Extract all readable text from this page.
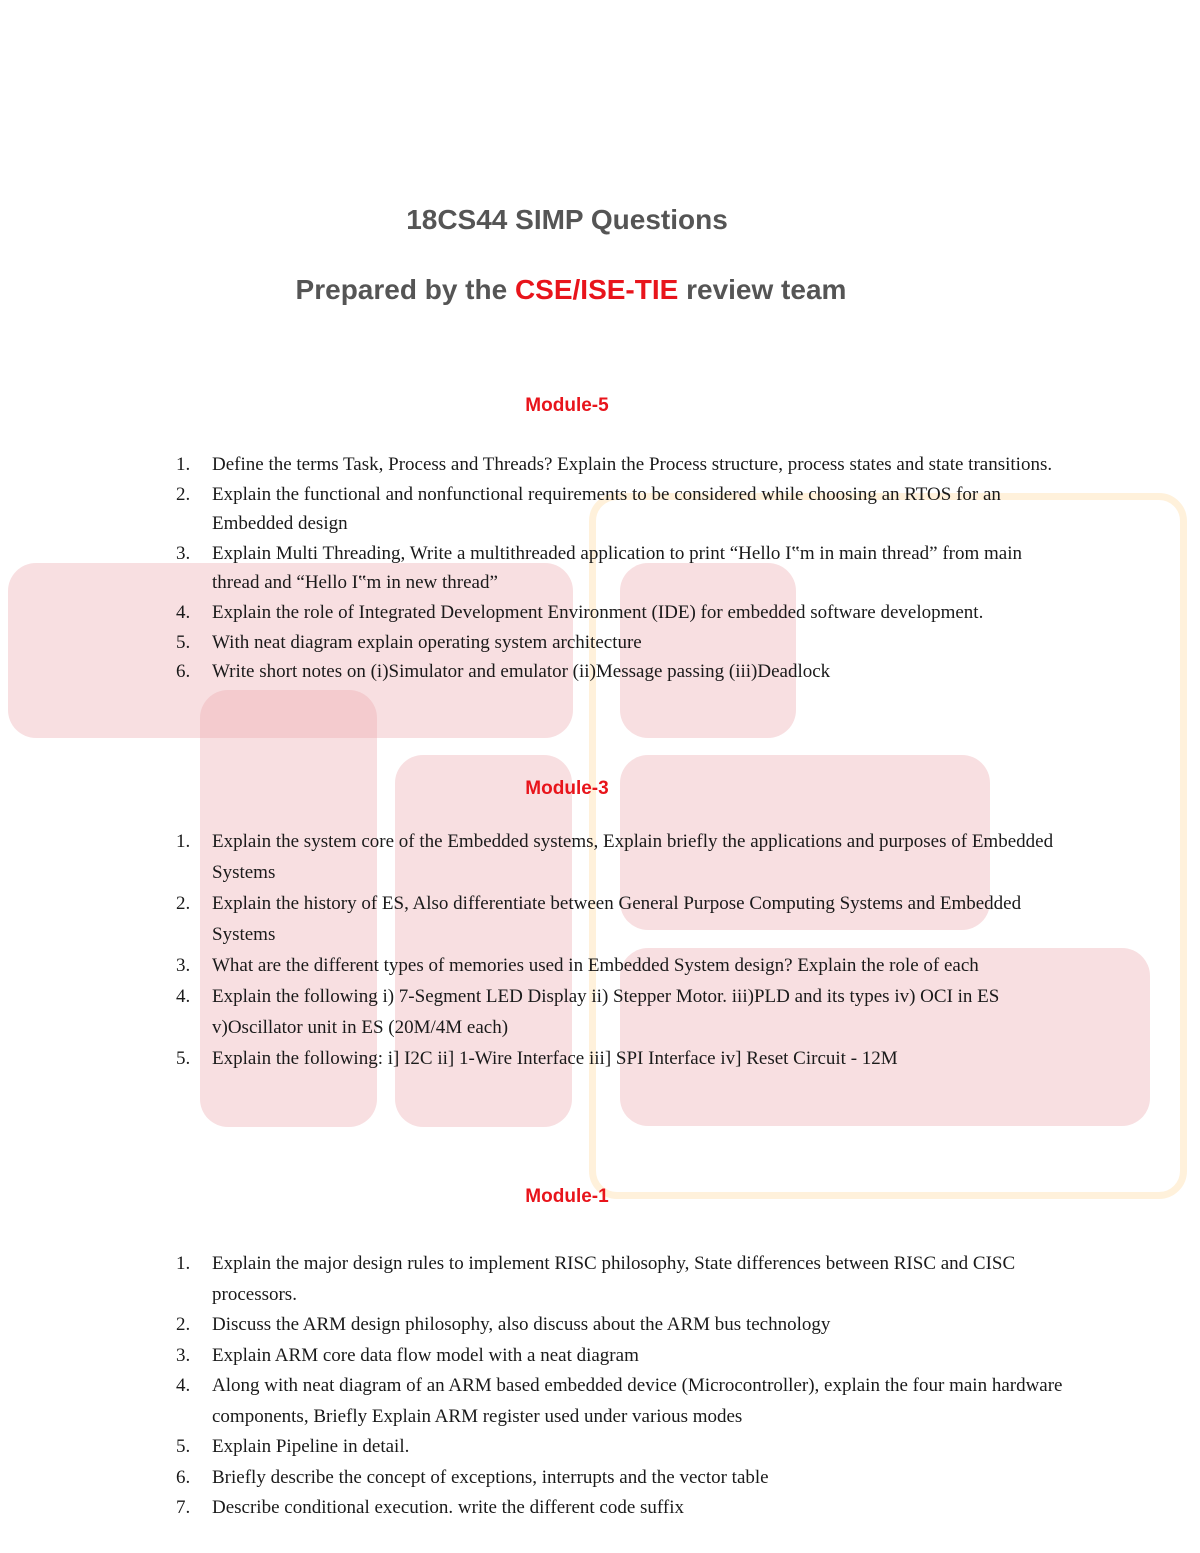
18CS44 SIMP Questions
Prepared by the CSE/ISE-TIE review team
Module-5
1. Define the terms Task, Process and Threads? Explain the Process structure, process states and state transitions.
2. Explain the functional and nonfunctional requirements to be considered while choosing an RTOS for an Embedded design
3. Explain Multi Threading, Write a multithreaded application to print “Hello I‟m in main thread” from main thread and “Hello I‟m in new thread”
4. Explain the role of Integrated Development Environment (IDE) for embedded software development.
5. With neat diagram explain operating system architecture
6. Write short notes on (i)Simulator and emulator (ii)Message passing (iii)Deadlock
Module-3
1. Explain the system core of the Embedded systems, Explain briefly the applications and purposes of Embedded Systems
2. Explain the history of ES, Also differentiate between General Purpose Computing Systems and Embedded Systems
3. What are the different types of memories used in Embedded System design? Explain the role of each
4. Explain the following i) 7-Segment LED Display ii) Stepper Motor. iii)PLD and its types iv) OCI in ES v)Oscillator unit in ES (20M/4M each)
5. Explain the following: i] I2C ii] 1-Wire Interface iii] SPI Interface iv] Reset Circuit - 12M
Module-1
1. Explain the major design rules to implement RISC philosophy, State differences between RISC and CISC processors.
2. Discuss the ARM design philosophy, also discuss about the ARM bus technology
3. Explain ARM core data flow model with a neat diagram
4. Along with neat diagram of an ARM based embedded device (Microcontroller), explain the four main hardware components, Briefly Explain ARM register used under various modes
5. Explain Pipeline in detail.
6. Briefly describe the concept of exceptions, interrupts and the vector table
7. Describe conditional execution. write the different code suffix
